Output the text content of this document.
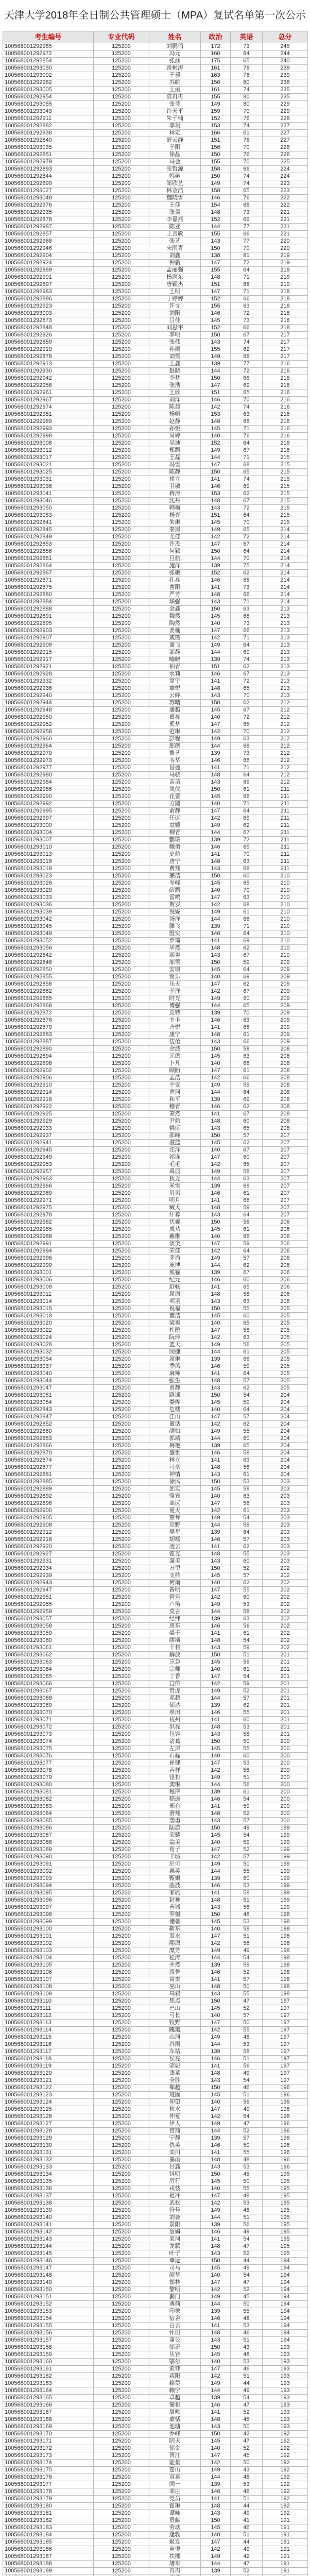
天津大学2018年全日制公共管理硕士（MPA）复试名单第一次公示
考生编号	专业代码	姓名	政治	英语	总分
100568001292965	125200	刘鹏俏	172	73	245
100568001292972	125200	冯元	160	84	244
100568001292854	125200	张涵	175	65	240
100568001293030	125200	常彬涛	161	78	239
100568001293002	125200	王毅	163	76	239
100568001292962	125200	苏皖	156	80	236
100568001293005	125200	王丽	161	74	235
100568001292954	125200	陈冉冉	155	80	235
100568001293055	125200	张菲	149	80	229
100568001293043	125200	许天平	159	70	229
100568001292911	125200	朱子楠	152	76	228
100568001292882	125200	李玥	153	74	227
100568001292938	125200	林宏	166	61	227
100568001292840	125200	薛云静	151	76	227
100568001293035	125200	于阳	156	70	226
100568001292851	125200	徐晶	150	76	226
100568001292979	125200	马会	155	70	225
100568001292893	125200	张哲源	158	66	224
100568001292844	125200	韩艳	150	74	224
100568001292899	125200	邹欣艺	149	74	223
100568001293027	125200	林金浩	158	65	223
100568001293048	125200	魏晓雪	146	76	222
100568001292976	125200	王佳	154	68	222
100568001292935	125200	张孟	148	73	221
100568001292878	125200	李嘉燕	152	69	221
100568001292987	125200	陈亚	144	77	221
100568001292857	125200	王言敏	155	66	221
100568001292968	125200	张艺	143	77	220
100568001292946	125200	宋雨青	150	70	220
100568001292904	125200	刘鑫	138	81	219
100568001292924	125200	钟新	147	72	219
100568001292869	125200	孟丽强	155	64	219
100568001292901	125200	杨润东	148	71	219
100568001292897	125200	唐颖杰	151	68	219
100568001292983	125200	王明	147	71	218
100568001292886	125200	于婷婷	152	66	218
100568001292923	125200	许文	155	63	218
100568001293003	125200	刘阳	146	72	218
100568001292873	125200	吕佳	145	73	218
100568001292848	125200	刘思宇	152	66	218
100568001292926	125200	李明	150	67	217
100568001292859	125200	张伟	143	74	217
100568001292919	125200	孙丽	155	62	217
100568001292878	125200	刘雪	149	68	217
100568001292913	125200	王鑫	139	77	216
100568001292930	125200	赵晓	144	72	216
100568001292942	125200	李梦	150	66	216
100568001292956	125200	张浩	147	69	216
100568001292961	125200	王欣	151	65	216
100568001292967	125200	刘洋	146	70	216
100568001292974	125200	陈晨	142	74	216
100568001292981	125200	杨帆	153	63	216
100568001292989	125200	赵静	148	68	216
100568001292993	125200	孙悦	145	71	216
100568001292998	125200	周婷	140	76	216
100568001293008	125200	吴迪	152	64	216
100568001293012	125200	郑凯	149	67	216
100568001293017	125200	王磊	144	71	215
100568001293021	125200	冯雪	147	68	215
100568001293025	125200	陈静	150	65	215
100568001293031	125200	褚立	141	74	215
100568001293038	125200	卫敏	146	69	215
100568001293041	125200	蒋涛	153	62	215
100568001293046	125200	沈丹	148	67	215
100568001293050	125200	韩梅	143	72	215
100568001293053	125200	杨光	151	64	215
100568001292841	125200	朱琳	145	70	215
100568001292845	125200	秦岚	149	65	214
100568001292849	125200	尤佳	142	72	214
100568001292853	125200	许杰	147	67	214
100568001292856	125200	何颖	150	64	214
100568001292861	125200	吕航	144	70	214
100568001292864	125200	施洋	139	75	214
100568001292867	125200	张敏	152	62	214
100568001292871	125200	孔亮	146	68	214
100568001292875	125200	曹阳	141	73	214
100568001292880	125200	严芳	148	66	214
100568001292884	125200	华强	143	71	214
100568001292888	125200	金鑫	150	63	213
100568001292891	125200	魏然	145	68	213
100568001292895	125200	陶然	140	73	213
100568001292903	125200	姜楠	147	66	213
100568001292907	125200	戚薇	142	71	213
100568001292909	125200	谢飞	149	64	213
100568001292915	125200	邹静	144	69	213
100568001292917	125200	喻晓	139	74	213
100568001292921	125200	柏青	151	62	213
100568001292928	125200	水莉	146	67	213
100568001292932	125200	窦宇	141	72	213
100568001292936	125200	章悦	148	65	213
100568001292940	125200	云峰	143	70	213
100568001292944	125200	苏晴	150	62	212
100568001292948	125200	潘越	145	67	212
100568001292950	125200	葛亮	140	72	212
100568001292952	125200	奚梦	147	65	212
100568001292958	125200	范琳	142	70	212
100568001292960	125200	彭程	149	63	212
100568001292964	125200	郎朗	144	68	212
100568001292970	125200	鲁艺	139	73	212
100568001292973	125200	韦华	146	66	212
100568001292977	125200	昌盛	141	71	212
100568001292980	125200	马骁	148	64	212
100568001292984	125200	苗苗	143	69	212
100568001292986	125200	凤仪	150	61	211
100568001292990	125200	花蕾	145	66	211
100568001292992	125200	方圆	140	71	211
100568001292995	125200	俞静	147	64	211
100568001292997	125200	任远	142	69	211
100568001293000	125200	袁媛	149	62	211
100568001293004	125200	柳青	144	67	211
100568001293007	125200	酆瑞	139	72	211
100568001293010	125200	鲍勇	146	65	211
100568001293013	125200	史航	141	70	211
100568001293016	125200	唐宁	148	63	211
100568001293019	125200	费翔	143	68	211
100568001293023	125200	廉洁	150	60	210
100568001293026	125200	岑峰	145	65	210
100568001293029	125200	薛凯	140	70	210
100568001293033	125200	雷鸣	147	63	210
100568001293036	125200	贺岁	142	68	210
100568001293039	125200	倪妮	149	61	210
100568001293042	125200	汤洋	144	66	210
100568001293045	125200	滕飞	139	71	210
100568001293049	125200	殷实	146	64	210
100568001293052	125200	罗琦	141	69	210
100568001293056	125200	毕然	148	62	210
100568001292842	125200	郝爽	143	67	210
100568001292846	125200	邬雪	150	59	209
100568001292850	125200	安琪	145	64	209
100568001292855	125200	常乐	140	69	209
100568001292858	125200	乐天	147	62	209
100568001292862	125200	于洋	142	67	209
100568001292865	125200	时光	149	60	209
100568001292868	125200	傅强	144	65	209
100568001292872	125200	皮特	139	70	209
100568001292876	125200	卞卡	146	63	209
100568001292879	125200	齐悦	141	68	209
100568001292883	125200	康宁	148	61	209
100568001292887	125200	伍佰	143	66	209
100568001292890	125200	余波	150	58	208
100568001292894	125200	元朗	145	63	208
100568001292898	125200	卜凡	140	68	208
100568001292902	125200	顾盼	147	61	208
100568001292906	125200	孟浩	142	66	208
100568001292910	125200	平安	149	59	208
100568001292914	125200	黄河	144	64	208
100568001292918	125200	和平	139	69	208
100568001292922	125200	穆青	146	62	208
100568001292925	125200	萧然	141	67	208
100568001292929	125200	尹航	148	60	208
100568001292933	125200	姚远	143	65	208
100568001292937	125200	邵峰	150	57	207
100568001292941	125200	湛蓝	145	62	207
100568001292945	125200	汪洋	140	67	207
100568001292949	125200	祁连	147	60	207
100568001292953	125200	毛毛	142	65	207
100568001292957	125200	禹辰	149	58	207
100568001292963	125200	狄龙	144	63	207
100568001292966	125200	米雪	139	68	207
100568001292969	125200	贝贝	146	61	207
100568001292971	125200	明月	141	66	207
100568001292975	125200	臧天	148	59	207
100568001292978	125200	计算	143	64	207
100568001292982	125200	伏羲	150	56	206
100568001292985	125200	成功	145	61	206
100568001292988	125200	戴维	140	66	206
100568001292991	125200	谈笑	147	59	206
100568001292994	125200	宋佳	142	64	206
100568001292996	125200	茅盾	149	57	206
100568001292999	125200	庞博	144	62	206
100568001293001	125200	熊猫	139	67	206
100568001293006	125200	纪元	146	60	206
100568001293009	125200	舒畅	141	65	206
100568001293011	125200	屈原	148	58	206
100568001293014	125200	项羽	143	63	206
100568001293015	125200	祝福	150	55	205
100568001293018	125200	董洁	145	60	205
100568001293020	125200	梁爽	140	65	205
100568001293022	125200	杜鹃	147	58	205
100568001293024	125200	阮玲	142	63	205
100568001293028	125200	蓝天	149	56	205
100568001293032	125200	闵捷	144	61	205
100568001293034	125200	席琳	139	66	205
100568001293037	125200	季风	146	59	205
100568001293040	125200	麻辣	141	64	205
100568001293044	125200	强生	148	57	205
100568001293047	125200	贾静	143	62	205
100568001293051	125200	路遥	150	54	204
100568001293054	125200	娄烨	145	59	204
100568001292843	125200	危楼	140	64	204
100568001292847	125200	江山	147	57	204
100568001292852	125200	童话	142	62	204
100568001292860	125200	颜如	149	55	204
100568001292863	125200	郭靖	144	60	204
100568001292866	125200	梅艳	139	65	204
100568001292870	125200	盛世	146	58	204
100568001292874	125200	林立	141	63	204
100568001292877	125200	刁蛮	148	56	204
100568001292881	125200	钟情	143	61	204
100568001292885	125200	徐风	150	53	203
100568001292889	125200	邱实	145	58	203
100568001292892	125200	骆宾	140	63	203
100568001292896	125200	高远	147	56	203
100568001292900	125200	夏天	142	61	203
100568001292905	125200	蔡琴	149	54	203
100568001292908	125200	田野	144	59	203
100568001292912	125200	樊星	139	64	203
100568001292916	125200	胡杨	146	57	203
100568001292920	125200	凌云	141	62	203
100568001292927	125200	霍光	148	55	203
100568001292931	125200	虞美	143	60	203
100568001292934	125200	万里	150	52	202
100568001292939	125200	支持	145	57	202
100568001292943	125200	柯南	140	62	202
100568001292947	125200	昝明	147	55	202
100568001292951	125200	管乐	142	60	202
100568001292955	125200	卢笛	149	53	202
100568001292959	125200	莫言	144	58	202
100568001293057	125200	经纬	139	63	202
100568001293058	125200	房东	146	56	202
100568001293059	125200	裘千	141	61	202
100568001293060	125200	缪斯	148	54	202
100568001293061	125200	干将	143	59	202
100568001293062	125200	解放	150	51	201
100568001293063	125200	应急	145	56	201
100568001293064	125200	宗师	140	61	201
100568001293065	125200	丁香	147	54	201
100568001293066	125200	宣传	142	59	201
100568001293067	125200	贲虎	149	52	201
100568001293068	125200	邓超	144	57	201
100568001293069	125200	郁达	139	62	201
100568001293070	125200	单田	146	55	201
100568001293071	125200	杭州	141	60	201
100568001293072	125200	洪亮	148	53	201
100568001293073	125200	包容	143	58	201
100568001293074	125200	诸葛	150	50	200
100568001293075	125200	左岸	145	55	200
100568001293076	125200	石磊	140	60	200
100568001293077	125200	崔健	147	53	200
100568001293078	125200	吉祥	142	58	200
100568001293079	125200	钮扣	149	51	200
100568001293080	125200	龚琳	144	56	200
100568001293081	125200	程序	139	61	200
100568001293082	125200	嵇康	146	54	200
100568001293083	125200	邢台	141	59	200
100568001293084	125200	滑翔	148	52	200
100568001293085	125200	裴勇	143	57	200
100568001293086	125200	陆游	150	49	199
100568001293087	125200	荣耀	145	54	199
100568001293088	125200	翁美	140	59	199
100568001293089	125200	荀子	147	52	199
100568001293090	125200	羊城	142	57	199
100568001293091	125200	於可	149	50	199
100568001293092	125200	惠英	144	55	199
100568001293093	125200	甄嬛	139	60	199
100568001293094	125200	曲波	146	53	199
100568001293095	125200	家驹	141	58	199
100568001293096	125200	封神	148	51	199
100568001293097	125200	芮城	143	56	199
100568001293098	125200	羿射	150	48	198
100568001293099	125200	储备	145	53	198
100568001293100	125200	靳东	140	58	198
100568001293101	125200	汲水	147	51	198
100568001293102	125200	邴原	142	56	198
100568001293103	125200	糜芳	149	49	198
100568001293104	125200	松涛	144	54	198
100568001293105	125200	井然	139	59	198
100568001293106	125200	段誉	146	52	198
100568001293107	125200	富贵	141	57	198
100568001293108	125200	巫山	148	50	198
100568001293109	125200	乌鸦	143	55	198
100568001293110	125200	焦点	150	47	197
100568001293111	125200	巴山	145	52	197
100568001293112	125200	弓长	140	57	197
100568001293113	125200	牧野	147	50	197
100568001293114	125200	隗嚣	142	55	197
100568001293115	125200	山河	149	48	197
100568001293116	125200	谷雨	144	53	197
100568001293117	125200	车站	139	58	197
100568001293118	125200	侯亮	146	51	197
100568001293119	125200	宓妃	141	56	197
100568001293120	125200	蓬莱	148	49	197
100568001293121	125200	全胜	143	54	197
100568001293122	125200	郗超	150	46	196
100568001293123	125200	班固	145	51	196
100568001293124	125200	仰望	140	56	196
100568001293125	125200	秋水	147	49	196
100568001293126	125200	仲夏	142	54	196
100568001293127	125200	伊人	149	47	196
100568001293128	125200	宫商	144	52	196
100568001293129	125200	宁静	139	57	196
100568001293130	125200	仇英	146	50	196
100568001293131	125200	栾川	141	55	196
100568001293132	125200	暴雨	148	48	196
100568001293133	125200	甘露	143	53	196
100568001293134	125200	钭明	150	45	195
100568001293135	125200	厉行	145	50	195
100568001293136	125200	戎装	140	55	195
100568001293137	125200	祖冲	147	48	195
100568001293138	125200	武松	142	53	195
100568001293139	125200	符号	149	46	195
100568001293140	125200	刘备	144	51	195
100568001293141	125200	景阳	139	56	195
100568001293142	125200	詹姆	146	49	195
100568001293143	125200	束河	141	54	195
100568001293144	125200	龙腾	148	47	195
100568001293145	125200	叶子	143	52	195
100568001293146	125200	幸运	150	44	194
100568001293147	125200	司马	145	49	194
100568001293148	125200	韶华	140	54	194
100568001293149	125200	郜林	147	47	194
100568001293150	125200	黎明	142	52	194
100568001293151	125200	蓟门	149	45	194
100568001293152	125200	薄荷	144	50	194
100568001293153	125200	印象	139	55	194
100568001293154	125200	宿舍	146	48	194
100568001293155	125200	白云	141	53	194
100568001293156	125200	怀旧	148	46	194
100568001293157	125200	蒲公	143	51	194
100568001293158	125200	邰正	150	43	193
100568001293159	125200	从容	145	48	193
100568001293160	125200	鄂尔	140	53	193
100568001293161	125200	索菲	147	46	193
100568001293162	125200	咸阳	142	51	193
100568001293163	125200	籍贯	149	44	193
100568001293164	125200	赖宁	144	49	193
100568001293165	125200	卓越	139	54	193
100568001293166	125200	蔺相	146	47	193
100568001293167	125200	屠呦	141	52	193
100568001293168	125200	蒙恬	148	45	193
100568001293169	125200	池塘	143	50	193
100568001293170	125200	乔峰	150	42	192
100568001293171	125200	阴天	145	47	192
100568001293172	125200	郁金	140	52	192
100568001293173	125200	胥江	147	45	192
100568001293174	125200	能量	142	50	192
100568001293175	125200	苍山	149	43	192
100568001293176	125200	双喜	144	48	192
100568001293177	125200	闻一	139	53	192
100568001293178	125200	莘庄	146	46	192
100568001293179	125200	党员	141	51	192
100568001293180	125200	翟琳	148	44	192
100568001293181	125200	谭咏	143	49	192
100568001293182	125200	贡献	150	41	191
100568001293183	125200	劳动	145	46	191
100568001293184	125200	逄勃	140	51	191
100568001293185	125200	姬发	147	44	191
100568001293186	125200	申奥	142	49	191
100568001293187	125200	扶摇	149	42	191
100568001293188	125200	堵车	144	47	191
100568001293189	125200	冉冉	139	52	191
